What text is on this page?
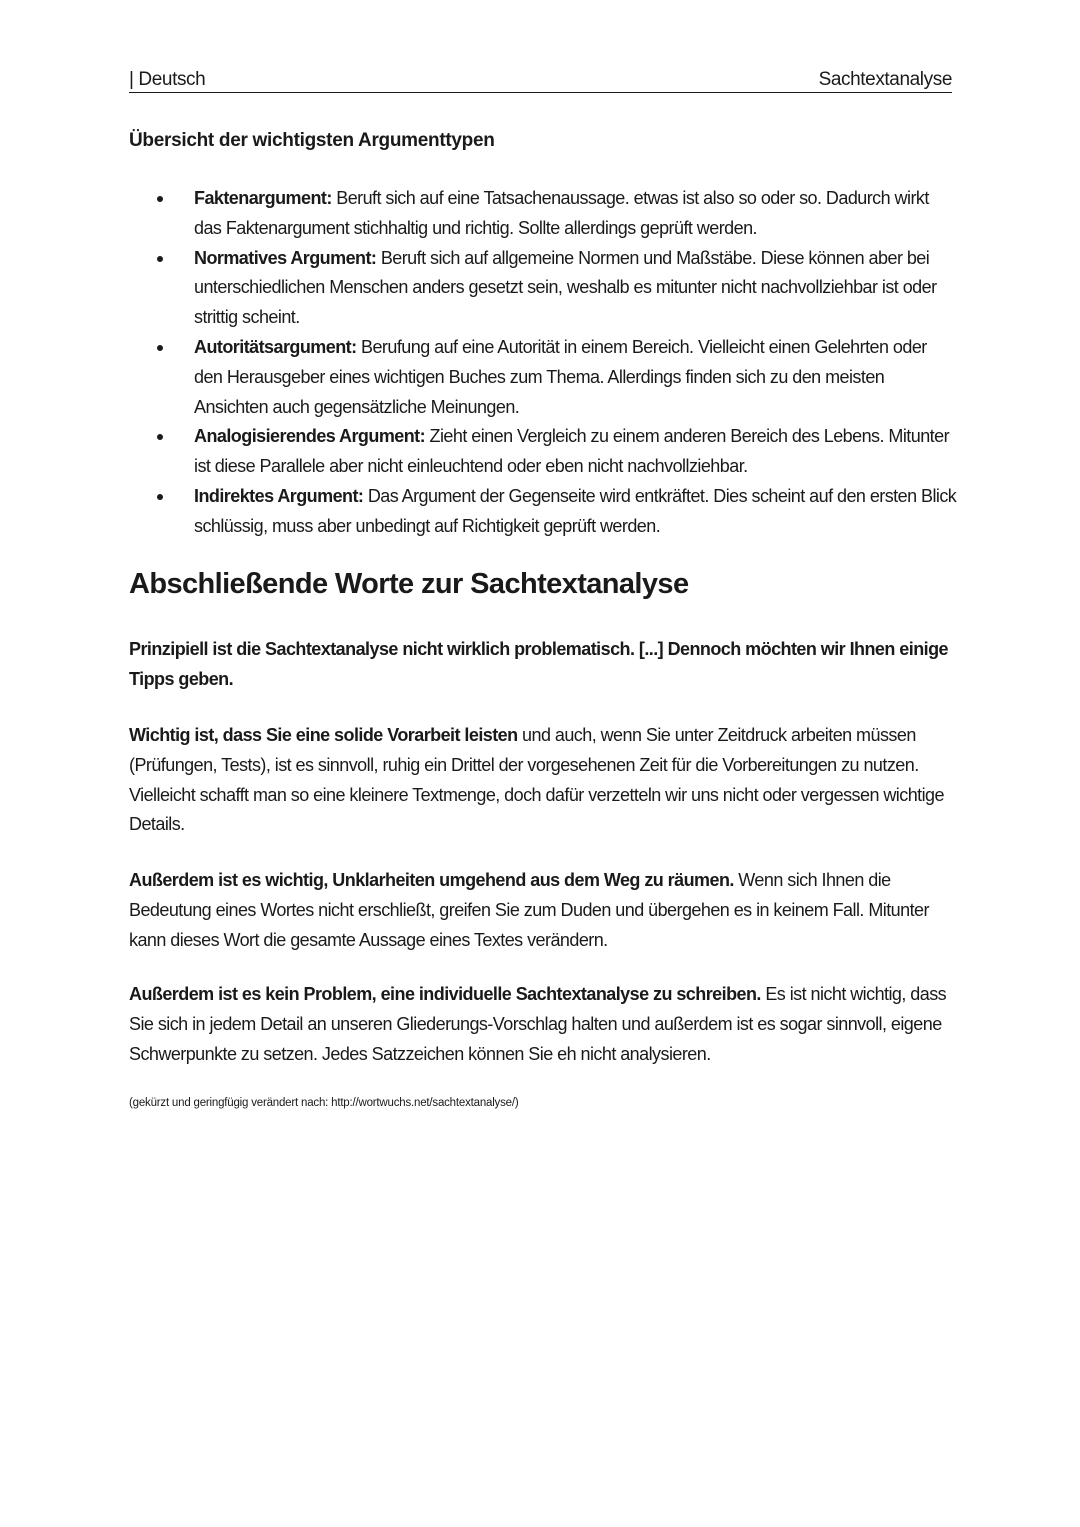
| Deutsch	Sachtextanalyse
Übersicht der wichtigsten Argumenttypen
Faktenargument: Beruft sich auf eine Tatsachenaussage. etwas ist also so oder so. Dadurch wirkt das Faktenargument stichhaltig und richtig. Sollte allerdings geprüft werden.
Normatives Argument: Beruft sich auf allgemeine Normen und Maßstäbe. Diese können aber bei unterschiedlichen Menschen anders gesetzt sein, weshalb es mitunter nicht nachvollziehbar ist oder strittig scheint.
Autoritätsargument: Berufung auf eine Autorität in einem Bereich. Vielleicht einen Gelehrten oder den Herausgeber eines wichtigen Buches zum Thema. Allerdings finden sich zu den meisten Ansichten auch gegensätzliche Meinungen.
Analogisierendes Argument: Zieht einen Vergleich zu einem anderen Bereich des Lebens. Mitunter ist diese Parallele aber nicht einleuchtend oder eben nicht nachvollziehbar.
Indirektes Argument: Das Argument der Gegenseite wird entkräftet. Dies scheint auf den ersten Blick schlüssig, muss aber unbedingt auf Richtigkeit geprüft werden.
Abschließende Worte zur Sachtextanalyse

Prinzipiell ist die Sachtextanalyse nicht wirklich problematisch. [...] Dennoch möchten wir Ihnen einige Tipps geben.

Wichtig ist, dass Sie eine solide Vorarbeit leisten und auch, wenn Sie unter Zeitdruck arbeiten müssen (Prüfungen, Tests), ist es sinnvoll, ruhig ein Drittel der vorgesehenen Zeit für die Vorbereitungen zu nutzen. Vielleicht schafft man so eine kleinere Textmenge, doch dafür verzetteln wir uns nicht oder vergessen wichtige Details.

Außerdem ist es wichtig, Unklarheiten umgehend aus dem Weg zu räumen. Wenn sich Ihnen die Bedeutung eines Wortes nicht erschließt, greifen Sie zum Duden und übergehen es in keinem Fall. Mitunter kann dieses Wort die gesamte Aussage eines Textes verändern.

Außerdem ist es kein Problem, eine individuelle Sachtextanalyse zu schreiben. Es ist nicht wichtig, dass Sie sich in jedem Detail an unseren Gliederungs-Vorschlag halten und außerdem ist es sogar sinnvoll, eigene Schwerpunkte zu setzen. Jedes Satzzeichen können Sie eh nicht analysieren.

(gekürzt und geringfügig verändert nach: http://wortwuchs.net/sachtextanalyse/)
